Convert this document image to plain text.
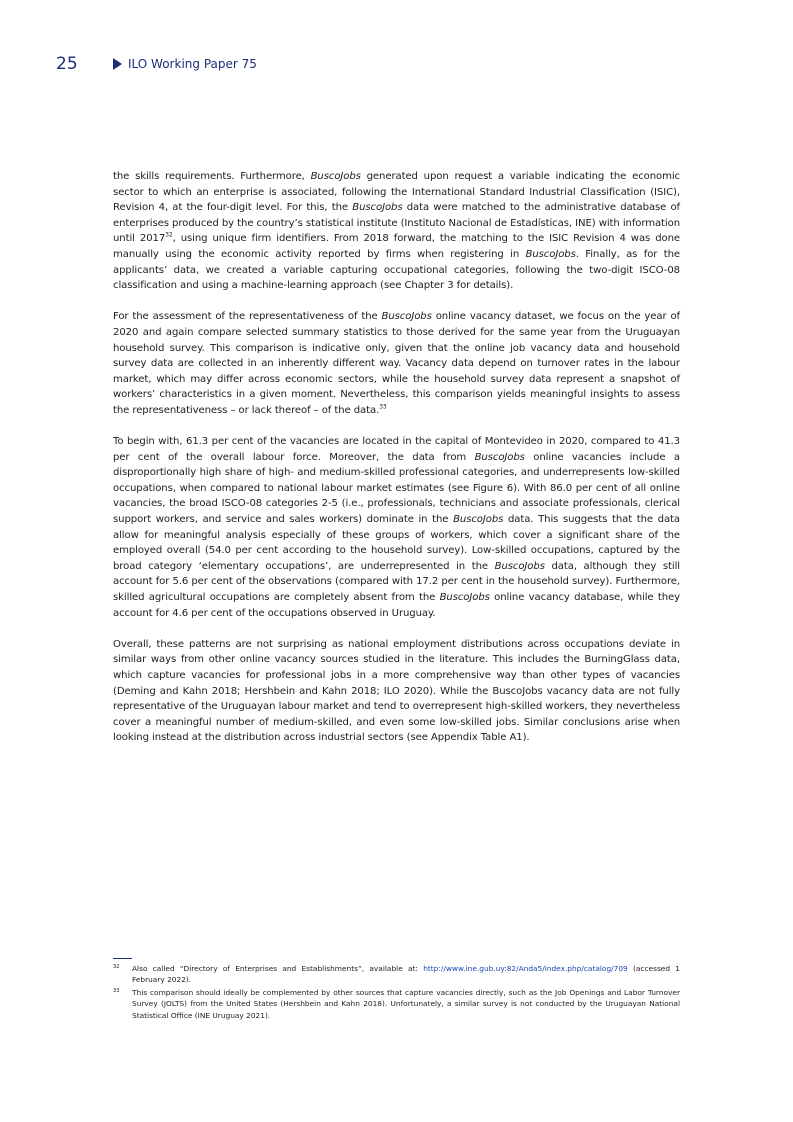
25	ILO Working Paper 75

the skills requirements. Furthermore, BuscoJobs generated upon request a variable indicating the economic sector to which an enterprise is associated, following the International Standard Industrial Classification (ISIC), Revision 4, at the four-digit level. For this, the BuscoJobs data were matched to the administrative database of enterprises produced by the country’s statistical institute (Instituto Nacional de Estadísticas, INE) with information until 2017$^{32}$, using unique firm identifiers. From 2018 forward, the matching to the ISIC Revision 4 was done manually using the economic activity reported by firms when registering in BuscoJobs. Finally, as for the applicants’ data, we created a variable capturing occupational categories, following the two-digit ISCO-08 classification and using a machine-learning approach (see Chapter 3 for details).

For the assessment of the representativeness of the BuscoJobs online vacancy dataset, we focus on the year of 2020 and again compare selected summary statistics to those derived for the same year from the Uruguayan household survey. This comparison is indicative only, given that the online job vacancy data and household survey data are collected in an inherently different way. Vacancy data depend on turnover rates in the labour market, which may differ across economic sectors, while the household survey data represent a snapshot of workers’ characteristics in a given moment. Nevertheless, this comparison yields meaningful insights to assess the representativeness – or lack thereof – of the data.$^{33}$

To begin with, 61.3 per cent of the vacancies are located in the capital of Montevideo in 2020, compared to 41.3 per cent of the overall labour force. Moreover, the data from BuscoJobs online vacancies include a disproportionally high share of high- and medium-skilled professional categories, and underrepresents low-skilled occupations, when compared to national labour market estimates (see Figure 6). With 86.0 per cent of all online vacancies, the broad ISCO-08 categories 2-5 (i.e., professionals, technicians and associate professionals, clerical support workers, and service and sales workers) dominate in the BuscoJobs data. This suggests that the data allow for meaningful analysis especially of these groups of workers, which cover a significant share of the employed overall (54.0 per cent according to the household survey). Low-skilled occupations, captured by the broad category ‘elementary occupations’, are underrepresented in the BuscoJobs data, although they still account for 5.6 per cent of the observations (compared with 17.2 per cent in the household survey). Furthermore, skilled agricultural occupations are completely absent from the BuscoJobs online vacancy database, while they account for 4.6 per cent of the occupations observed in Uruguay.

Overall, these patterns are not surprising as national employment distributions across occupations deviate in similar ways from other online vacancy sources studied in the literature. This includes the BurningGlass data, which capture vacancies for professional jobs in a more comprehensive way than other types of vacancies (Deming and Kahn 2018; Hershbein and Kahn 2018; ILO 2020). While the BuscoJobs vacancy data are not fully representative of the Uruguayan labour market and tend to overrepresent high-skilled workers, they nevertheless cover a meaningful number of medium-skilled, and even some low-skilled jobs. Similar conclusions arise when looking instead at the distribution across industrial sectors (see Appendix Table A1).

32 Also called “Directory of Enterprises and Establishments”, available at: http://www.ine.gub.uy:82/Anda5/index.php/catalog/709 (accessed 1 February 2022).
33 This comparison should ideally be complemented by other sources that capture vacancies directly, such as the Job Openings and Labor Turnover Survey (JOLTS) from the United States (Hershbein and Kahn 2018). Unfortunately, a similar survey is not conducted by the Uruguayan National Statistical Office (INE Uruguay 2021).
